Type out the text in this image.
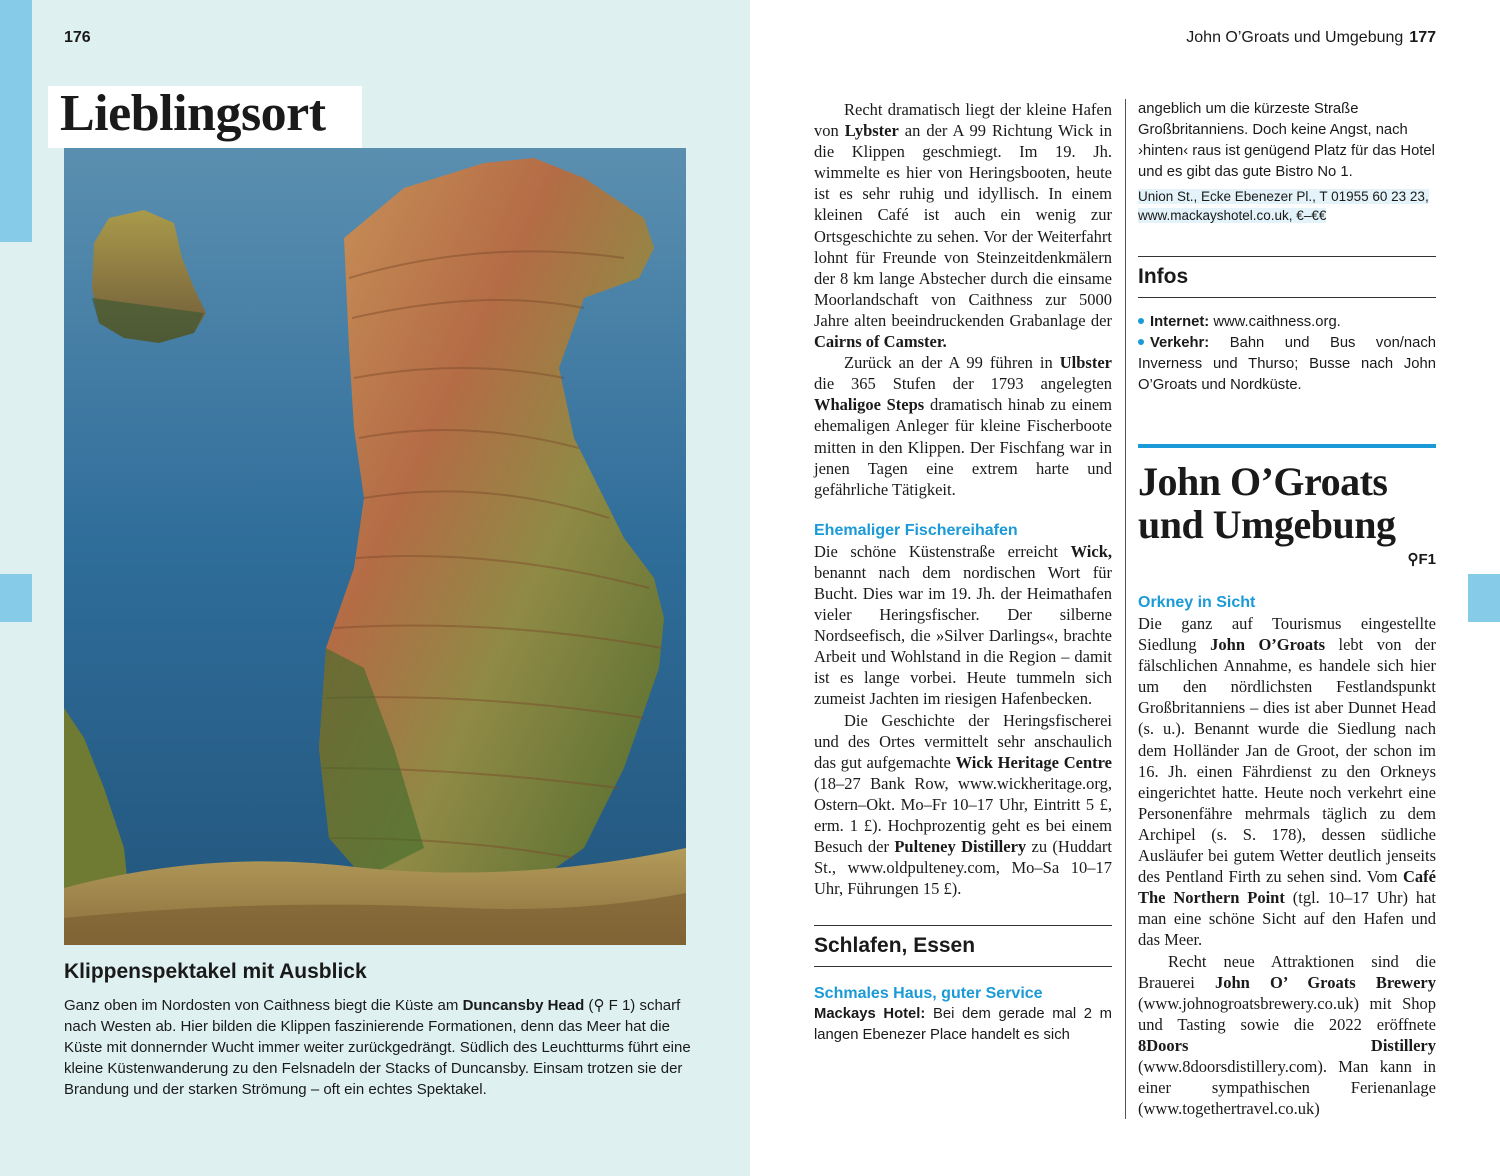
176
Lieblingsort
Klippenspektakel mit Ausblick
Ganz oben im Nordosten von Caithness biegt die Küste am Duncansby Head (⚲ F 1) scharf nach Westen ab. Hier bilden die Klippen faszinierende Formationen, denn das Meer hat die Küste mit donnernder Wucht immer weiter zurückgedrängt. Südlich des Leuchtturms führt eine kleine Küstenwanderung zu den Felsnadeln der Stacks of Duncansby. Einsam trotzen sie der Brandung und der starken Strömung – oft ein echtes Spektakel.
John O’Groats und Umgebung 177

Recht dramatisch liegt der kleine Hafen von Lybster an der A 99 Richtung Wick in die Klippen geschmiegt. Im 19. Jh. wimmelte es hier von Heringsbooten, heute ist es sehr ruhig und idyllisch. In einem kleinen Café ist auch ein wenig zur Ortsgeschichte zu sehen. Vor der Weiterfahrt lohnt für Freunde von Steinzeitdenkmälern der 8 km lange Abstecher durch die einsame Moorlandschaft von Caithness zur 5000 Jahre alten beeindruckenden Grabanlage der Cairns of Camster.

Zurück an der A 99 führen in Ulbster die 365 Stufen der 1793 angelegten Whaligoe Steps dramatisch hinab zu einem ehemaligen Anleger für kleine Fischerboote mitten in den Klippen. Der Fischfang war in jenen Tagen eine extrem harte und gefährliche Tätigkeit.

Ehemaliger Fischereihafen

Die schöne Küstenstraße erreicht Wick, benannt nach dem nordischen Wort für Bucht. Dies war im 19. Jh. der Heimathafen vieler Heringsfischer. Der silberne Nordseefisch, die »Silver Darlings«, brachte Arbeit und Wohlstand in die Region – damit ist es lange vorbei. Heute tummeln sich zumeist Jachten im riesigen Hafenbecken.

Die Geschichte der Heringsfischerei und des Ortes vermittelt sehr anschaulich das gut aufgemachte Wick Heritage Centre (18–27 Bank Row, www.wickheritage.org, Ostern–Okt. Mo–Fr 10–17 Uhr, Eintritt 5 £, erm. 1 £). Hochprozentig geht es bei einem Besuch der Pulteney Distillery zu (Huddart St., www.oldpulteney.com, Mo–Sa 10–17 Uhr, Führungen 15 £).

Schlafen, Essen
Schmales Haus, guter Service
Mackays Hotel: Bei dem gerade mal 2 m langen Ebenezer Place handelt es sich
angeblich um die kürzeste Straße Großbritanniens. Doch keine Angst, nach ›hinten‹ raus ist genügend Platz für das Hotel und es gibt das gute Bistro No 1.
Union St., Ecke Ebenezer Pl., T 01955 60 23 23, www.mackayshotel.co.uk, €–€€
Infos
Internet: www.caithness.org.
Verkehr: Bahn und Bus von/nach Inverness und Thurso; Busse nach John O’Groats und Nordküste.
John O’Groats
und Umgebung
⚲F1
Orkney in Sicht

Die ganz auf Tourismus eingestellte Siedlung John O’Groats lebt von der fälschlichen Annahme, es handele sich hier um den nördlichsten Festlandspunkt Großbritanniens – dies ist aber Dunnet Head (s. u.). Benannt wurde die Siedlung nach dem Holländer Jan de Groot, der schon im 16. Jh. einen Fährdienst zu den Orkneys eingerichtet hatte. Heute noch verkehrt eine Personenfähre mehrmals täglich zu dem Archipel (s. S. 178), dessen südliche Ausläufer bei gutem Wetter deutlich jenseits des Pentland Firth zu sehen sind. Vom Café The Northern Point (tgl. 10–17 Uhr) hat man eine schöne Sicht auf den Hafen und das Meer.

Recht neue Attraktionen sind die Brauerei John O’ Groats Brewery (www.johnogroatsbrewery.co.uk) mit Shop und Tasting sowie die 2022 eröffnete 8Doors Distillery (www.8doorsdistillery.com). Man kann in einer sympathischen Ferienanlage (www.togethertravel.co.uk)
